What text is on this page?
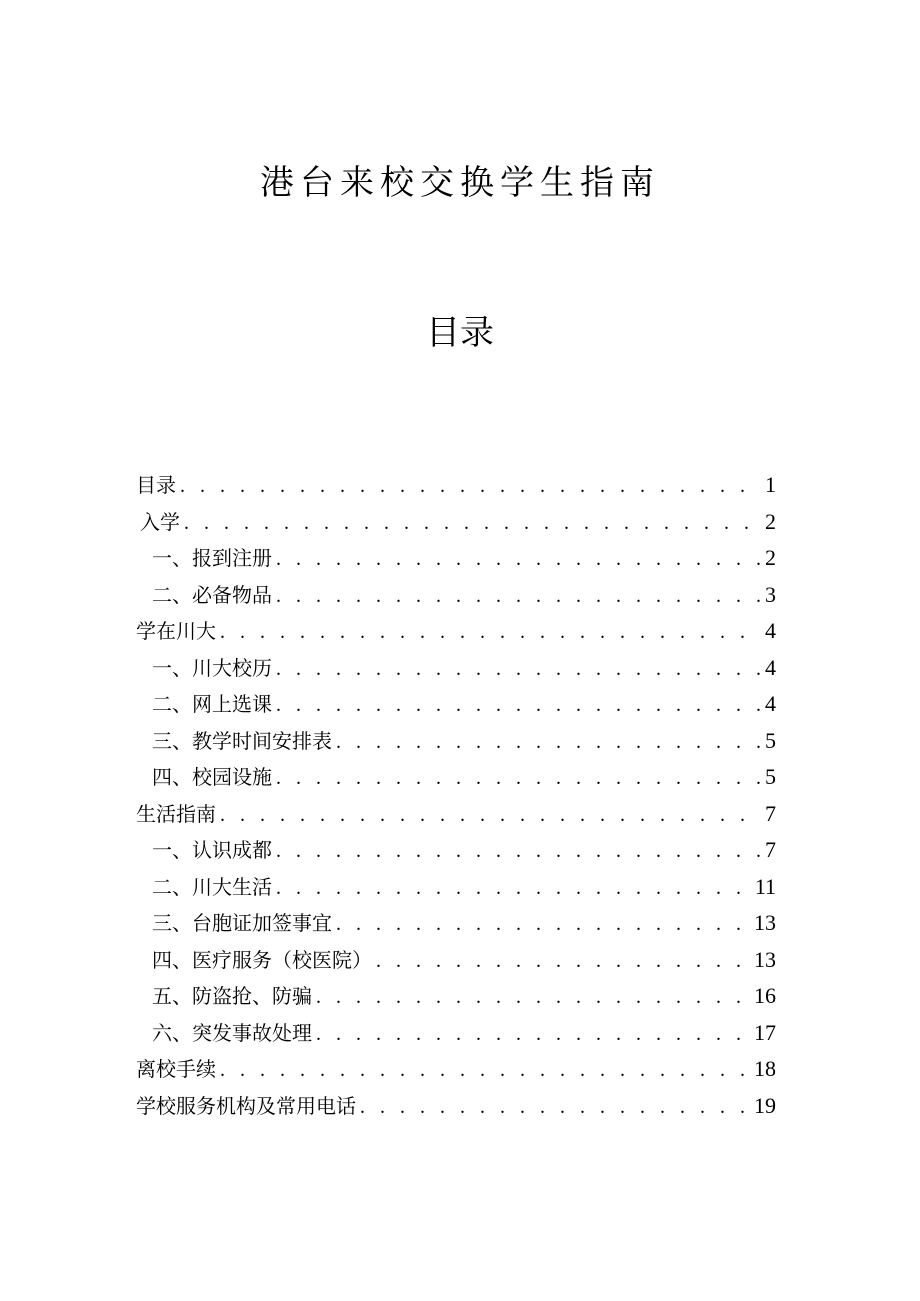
港台来校交换学生指南
目录
目录 . . .	1
入学 . . .	2
一、报到注册 . . .	2
二、必备物品 . . .	3
学在川大 . . .	4
一、川大校历 . . .	4
二、网上选课 . . .	4
三、教学时间安排表 . . .	5
四、校园设施 . . .	5
生活指南 . . .	7
一、认识成都 . . .	7
二、川大生活 . . .	11
三、台胞证加签事宜 . . .	13
四、医疗服务（校医院） . . .	13
五、防盗抢、防骗 . . .	16
六、突发事故处理 . . .	17
离校手续 . . .	18
学校服务机构及常用电话 . . .	19
